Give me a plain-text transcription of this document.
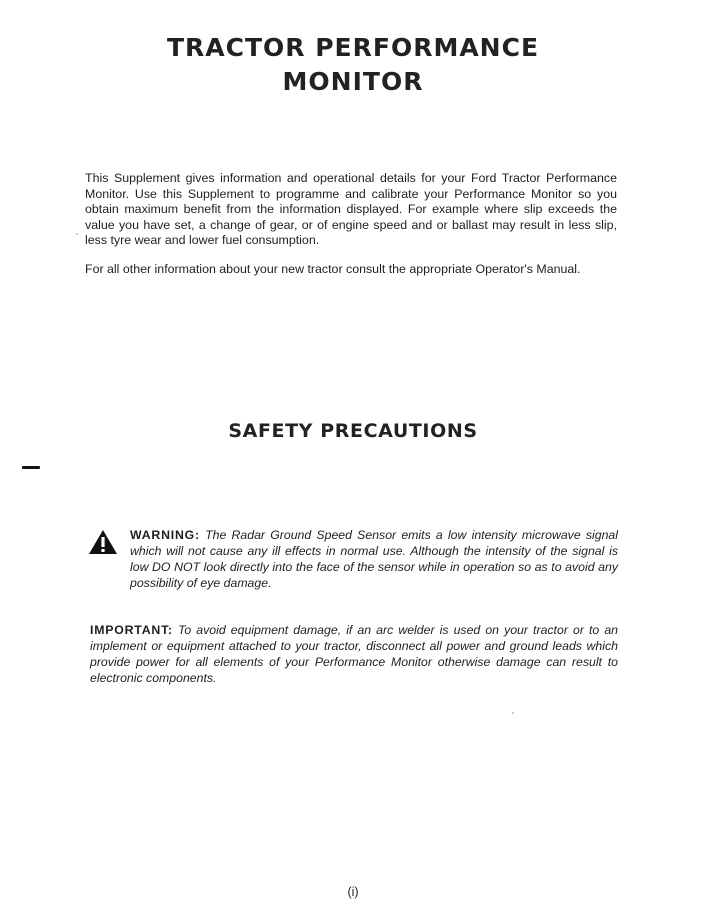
TRACTOR PERFORMANCE
MONITOR

This Supplement gives information and operational details for your Ford Tractor Performance Monitor. Use this Supplement to programme and calibrate your Performance Monitor so you obtain maximum benefit from the information displayed. For example where slip exceeds the value you have set, a change of gear, or of engine speed and or ballast may result in less slip, less tyre wear and lower fuel consumption.

For all other information about your new tractor consult the appropriate Operator's Manual.
SAFETY PRECAUTIONS
WARNING: The Radar Ground Speed Sensor emits a low intensity microwave signal which will not cause any ill effects in normal use. Although the intensity of the signal is low DO NOT look directly into the face of the sensor while in operation so as to avoid any possibility of eye damage.
IMPORTANT: To avoid equipment damage, if an arc welder is used on your tractor or to an implement or equipment attached to your tractor, disconnect all power and ground leads which provide power for all elements of your Performance Monitor otherwise damage can result to electronic components.
(i)
